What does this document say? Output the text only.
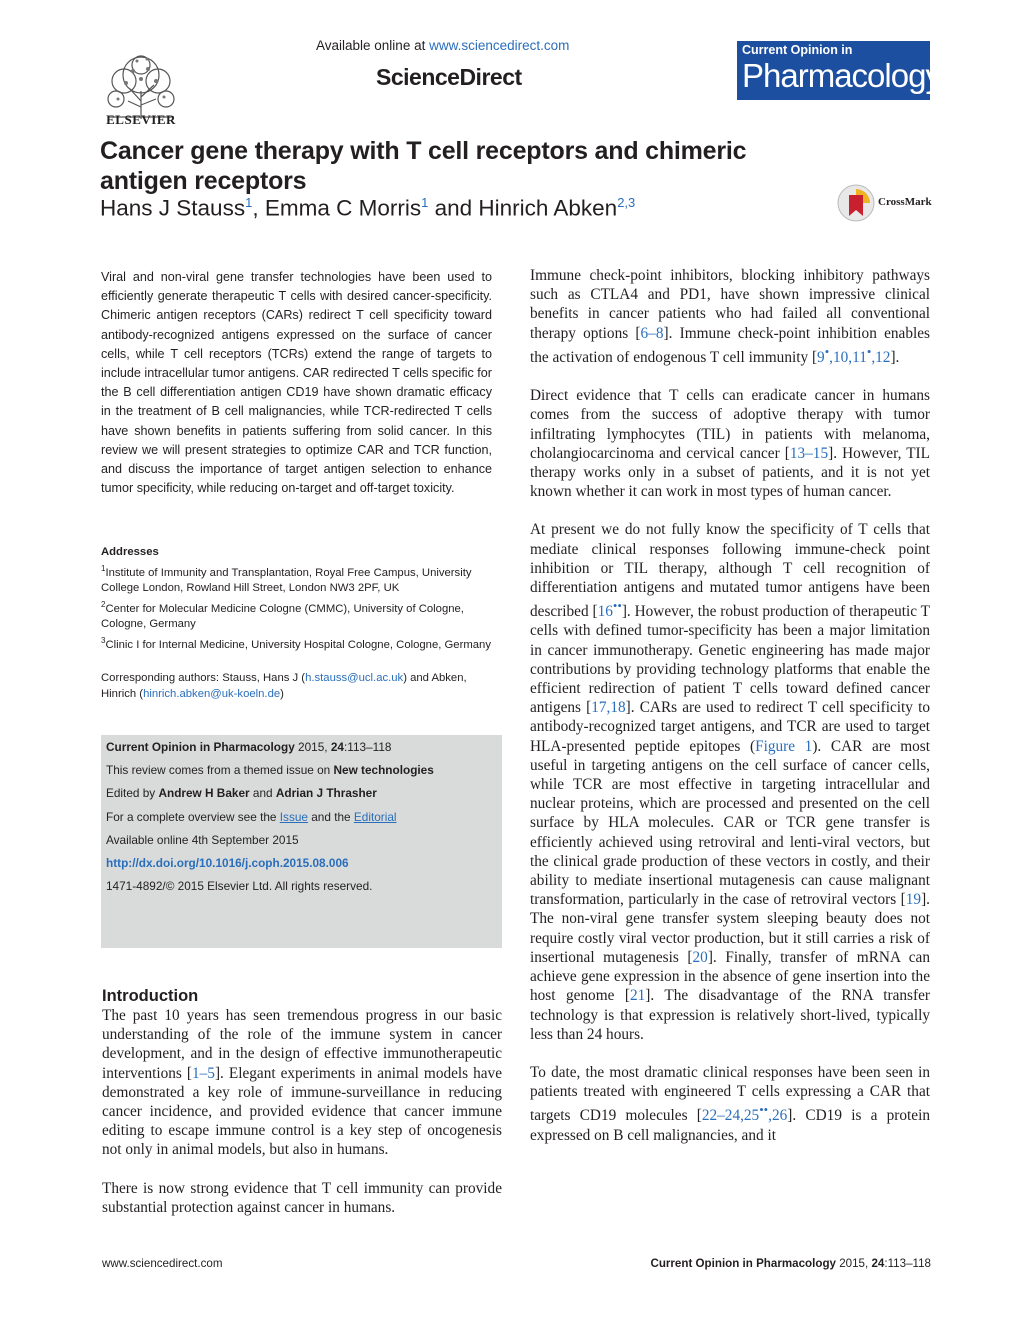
ELSEVIER
Available online at www.sciencedirect.com
ScienceDirect
Current Opinion in
Pharmacology
Cancer gene therapy with T cell receptors and chimeric antigen receptors
Hans J Stauss$^1$, Emma C Morris$^1$ and Hinrich Abken$^{2,3}$	CrossMark
Viral and non-viral gene transfer technologies have been used to efficiently generate therapeutic T cells with desired cancer-specificity. Chimeric antigen receptors (CARs) redirect T cell specificity toward antibody-recognized antigens expressed on the surface of cancer cells, while T cell receptors (TCRs) extend the range of targets to include intracellular tumor antigens. CAR redirected T cells specific for the B cell differentiation antigen CD19 have shown dramatic efficacy in the treatment of B cell malignancies, while TCR-redirected T cells have shown benefits in patients suffering from solid cancer. In this review we will present strategies to optimize CAR and TCR function, and discuss the importance of target antigen selection to enhance tumor specificity, while reducing on-target and off-target toxicity.
Addresses
$^1$Institute of Immunity and Transplantation, Royal Free Campus, University College London, Rowland Hill Street, London NW3 2PF, UK
$^2$Center for Molecular Medicine Cologne (CMMC), University of Cologne, Cologne, Germany
$^3$Clinic I for Internal Medicine, University Hospital Cologne, Cologne, Germany
Corresponding authors: Stauss, Hans J (h.stauss@ucl.ac.uk) and Abken, Hinrich (hinrich.abken@uk-koeln.de)
Current Opinion in Pharmacology 2015, 24:113–118
This review comes from a themed issue on New technologies
Edited by Andrew H Baker and Adrian J Thrasher
For a complete overview see the Issue and the Editorial
Available online 4th September 2015
http://dx.doi.org/10.1016/j.coph.2015.08.006
1471-4892/© 2015 Elsevier Ltd. All rights reserved.
Introduction

The past 10 years has seen tremendous progress in our basic understanding of the role of the immune system in cancer development, and in the design of effective immunotherapeutic interventions [1–5]. Elegant experiments in animal models have demonstrated a key role of immune-surveillance in reducing cancer incidence, and provided evidence that cancer immune editing to escape immune control is a key step of oncogenesis not only in animal models, but also in humans.

There is now strong evidence that T cell immunity can provide substantial protection against cancer in humans.

Immune check-point inhibitors, blocking inhibitory pathways such as CTLA4 and PD1, have shown impressive clinical benefits in cancer patients who had failed all conventional therapy options [6–8]. Immune check-point inhibition enables the activation of endogenous T cell immunity [9•,10,11•,12].

Direct evidence that T cells can eradicate cancer in humans comes from the success of adoptive therapy with tumor infiltrating lymphocytes (TIL) in patients with melanoma, cholangiocarcinoma and cervical cancer [13–15]. However, TIL therapy works only in a subset of patients, and it is not yet known whether it can work in most types of human cancer.

At present we do not fully know the specificity of T cells that mediate clinical responses following immune-check point inhibition or TIL therapy, although T cell recognition of differentiation antigens and mutated tumor antigens have been described [16••]. However, the robust production of therapeutic T cells with defined tumor-specificity has been a major limitation in cancer immunotherapy. Genetic engineering has made major contributions by providing technology platforms that enable the efficient redirection of patient T cells toward defined cancer antigens [17,18]. CARs are used to redirect T cell specificity to antibody-recognized target antigens, and TCR are used to target HLA-presented peptide epitopes (Figure 1). CAR are most useful in targeting antigens on the cell surface of cancer cells, while TCR are most effective in targeting intracellular and nuclear proteins, which are processed and presented on the cell surface by HLA molecules. CAR or TCR gene transfer is efficiently achieved using retroviral and lenti-viral vectors, but the clinical grade production of these vectors in costly, and their ability to mediate insertional mutagenesis can cause malignant transformation, particularly in the case of retroviral vectors [19]. The non-viral gene transfer system sleeping beauty does not require costly viral vector production, but it still carries a risk of insertional mutagenesis [20]. Finally, transfer of mRNA can achieve gene expression in the absence of gene insertion into the host genome [21]. The disadvantage of the RNA transfer technology is that expression is relatively short-lived, typically less than 24 hours.

To date, the most dramatic clinical responses have been seen in patients treated with engineered T cells expressing a CAR that targets CD19 molecules [22–24,25••,26]. CD19 is a protein expressed on B cell malignancies, and it

www.sciencedirect.com	Current Opinion in Pharmacology 2015, 24:113–118
